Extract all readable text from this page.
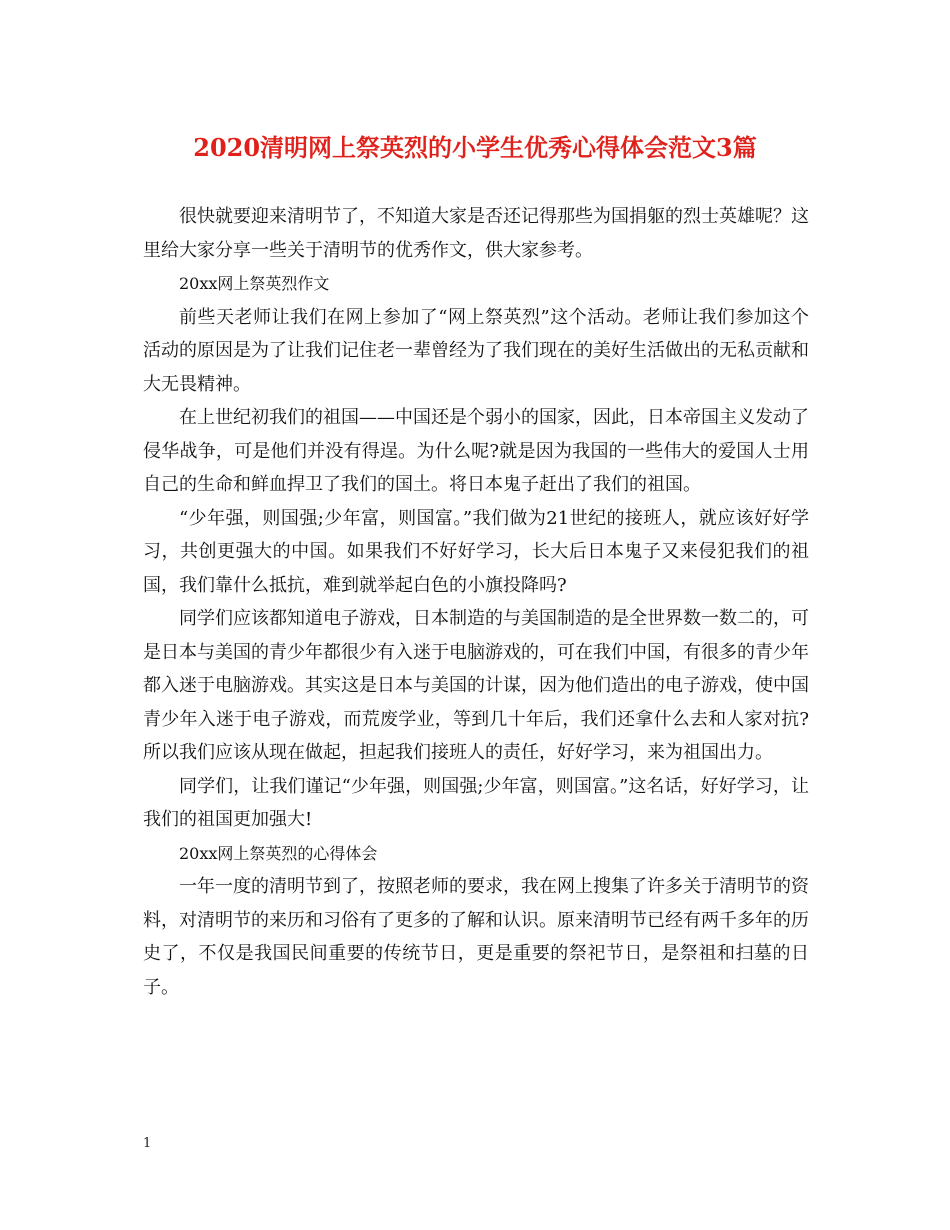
2020清明网上祭英烈的小学生优秀心得体会范文3篇

很快就要迎来清明节了，不知道大家是否还记得那些为国捐躯的烈士英雄呢？这里给大家分享一些关于清明节的优秀作文，供大家参考。

20xx网上祭英烈作文

前些天老师让我们在网上参加了“网上祭英烈”这个活动。老师让我们参加这个活动的原因是为了让我们记住老一辈曾经为了我们现在的美好生活做出的无私贡献和大无畏精神。

在上世纪初我们的祖国——中国还是个弱小的国家，因此，日本帝国主义发动了侵华战争，可是他们并没有得逞。为什么呢?就是因为我国的一些伟大的爱国人士用自己的生命和鲜血捍卫了我们的国土。将日本鬼子赶出了我们的祖国。

“少年强，则国强;少年富，则国富。”我们做为21世纪的接班人，就应该好好学习，共创更强大的中国。如果我们不好好学习，长大后日本鬼子又来侵犯我们的祖国，我们靠什么抵抗，难到就举起白色的小旗投降吗?

同学们应该都知道电子游戏，日本制造的与美国制造的是全世界数一数二的，可是日本与美国的青少年都很少有入迷于电脑游戏的，可在我们中国，有很多的青少年都入迷于电脑游戏。其实这是日本与美国的计谋，因为他们造出的电子游戏，使中国青少年入迷于电子游戏，而荒废学业，等到几十年后，我们还拿什么去和人家对抗?所以我们应该从现在做起，担起我们接班人的责任，好好学习，来为祖国出力。

同学们，让我们谨记“少年强，则国强;少年富，则国富。”这名话，好好学习，让我们的祖国更加强大!

20xx网上祭英烈的心得体会

一年一度的清明节到了，按照老师的要求，我在网上搜集了许多关于清明节的资料，对清明节的来历和习俗有了更多的了解和认识。原来清明节已经有两千多年的历史了，不仅是我国民间重要的传统节日，更是重要的祭祀节日，是祭祖和扫墓的日子。

1
